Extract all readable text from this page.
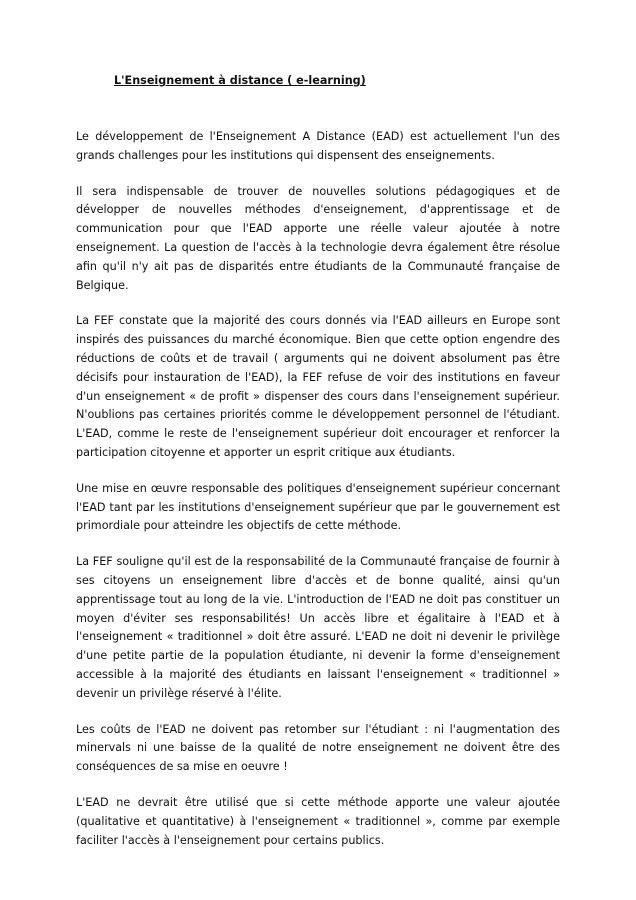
L'Enseignement à distance ( e-learning)

Le développement de l'Enseignement A Distance (EAD) est actuellement l'un des grands challenges pour les institutions qui dispensent des enseignements.

Il sera indispensable de trouver de nouvelles solutions pédagogiques et de développer de nouvelles méthodes d'enseignement, d'apprentissage et de communication pour que l'EAD apporte une réelle valeur ajoutée à notre enseignement. La question de l'accès à la technologie devra également être résolue afin qu'il n'y ait pas de disparités entre étudiants de la Communauté française de Belgique.

La FEF constate que la majorité des cours donnés via l'EAD ailleurs en Europe sont inspirés des puissances du marché économique. Bien que cette option engendre des réductions de coûts et de travail ( arguments qui ne doivent absolument pas être décisifs pour instauration de l'EAD), la FEF refuse de voir des institutions en faveur d'un enseignement « de profit » dispenser des cours dans l'enseignement supérieur. N'oublions pas certaines priorités comme le développement personnel de l'étudiant. L'EAD, comme le reste de l'enseignement supérieur doit encourager et renforcer la participation citoyenne et apporter un esprit critique aux étudiants.

Une mise en œuvre responsable des politiques d'enseignement supérieur concernant l'EAD tant par les institutions d'enseignement supérieur que par le gouvernement est primordiale pour atteindre les objectifs de cette méthode.

La FEF souligne qu'il est de la responsabilité de la Communauté française de fournir à ses citoyens un enseignement libre d'accès et de bonne qualité, ainsi qu'un apprentissage tout au long de la vie. L'introduction de l'EAD ne doit pas constituer un moyen d'éviter ses responsabilités! Un accès libre et égalitaire à l'EAD et à l'enseignement « traditionnel » doit être assuré. L'EAD ne doit ni devenir le privilège d'une petite partie de la population étudiante, ni devenir la forme d'enseignement accessible à la majorité des étudiants en laissant l'enseignement « traditionnel » devenir un privilège réservé à l'élite.

Les coûts de l'EAD ne doivent pas retomber sur l'étudiant : ni l'augmentation des minervals ni une baisse de la qualité de notre enseignement ne doivent être des conséquences de sa mise en oeuvre !

L'EAD ne devrait être utilisé que si cette méthode apporte une valeur ajoutée (qualitative et quantitative) à l'enseignement « traditionnel », comme par exemple faciliter l'accès à l'enseignement pour certains publics.
